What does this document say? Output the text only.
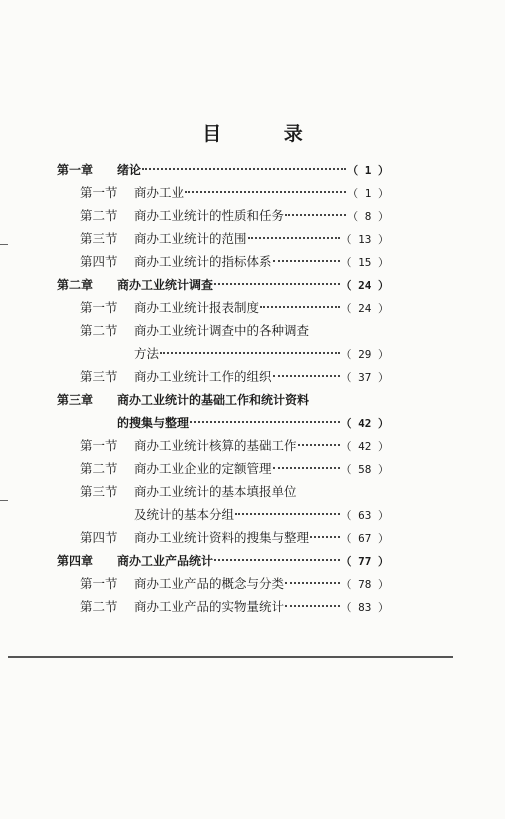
目 录
第一章 绪论	（ 1 ）
第一节 商办工业	（ 1 ）
第二节 商办工业统计的性质和任务	（ 8 ）
第三节 商办工业统计的范围	（ 13 ）
第四节 商办工业统计的指标体系	（ 15 ）
第二章 商办工业统计调查	（ 24 ）
第一节 商办工业统计报表制度	（ 24 ）
第二节 商办工业统计调查中的各种调查
方法	（ 29 ）
第三节 商办工业统计工作的组织	（ 37 ）
第三章 商办工业统计的基础工作和统计资料
的搜集与整理	（ 42 ）
第一节 商办工业统计核算的基础工作	（ 42 ）
第二节 商办工业企业的定额管理	（ 58 ）
第三节 商办工业统计的基本填报单位
及统计的基本分组	（ 63 ）
第四节 商办工业统计资料的搜集与整理	（ 67 ）
第四章 商办工业产品统计	（ 77 ）
第一节 商办工业产品的概念与分类	（ 78 ）
第二节 商办工业产品的实物量统计	（ 83 ）
